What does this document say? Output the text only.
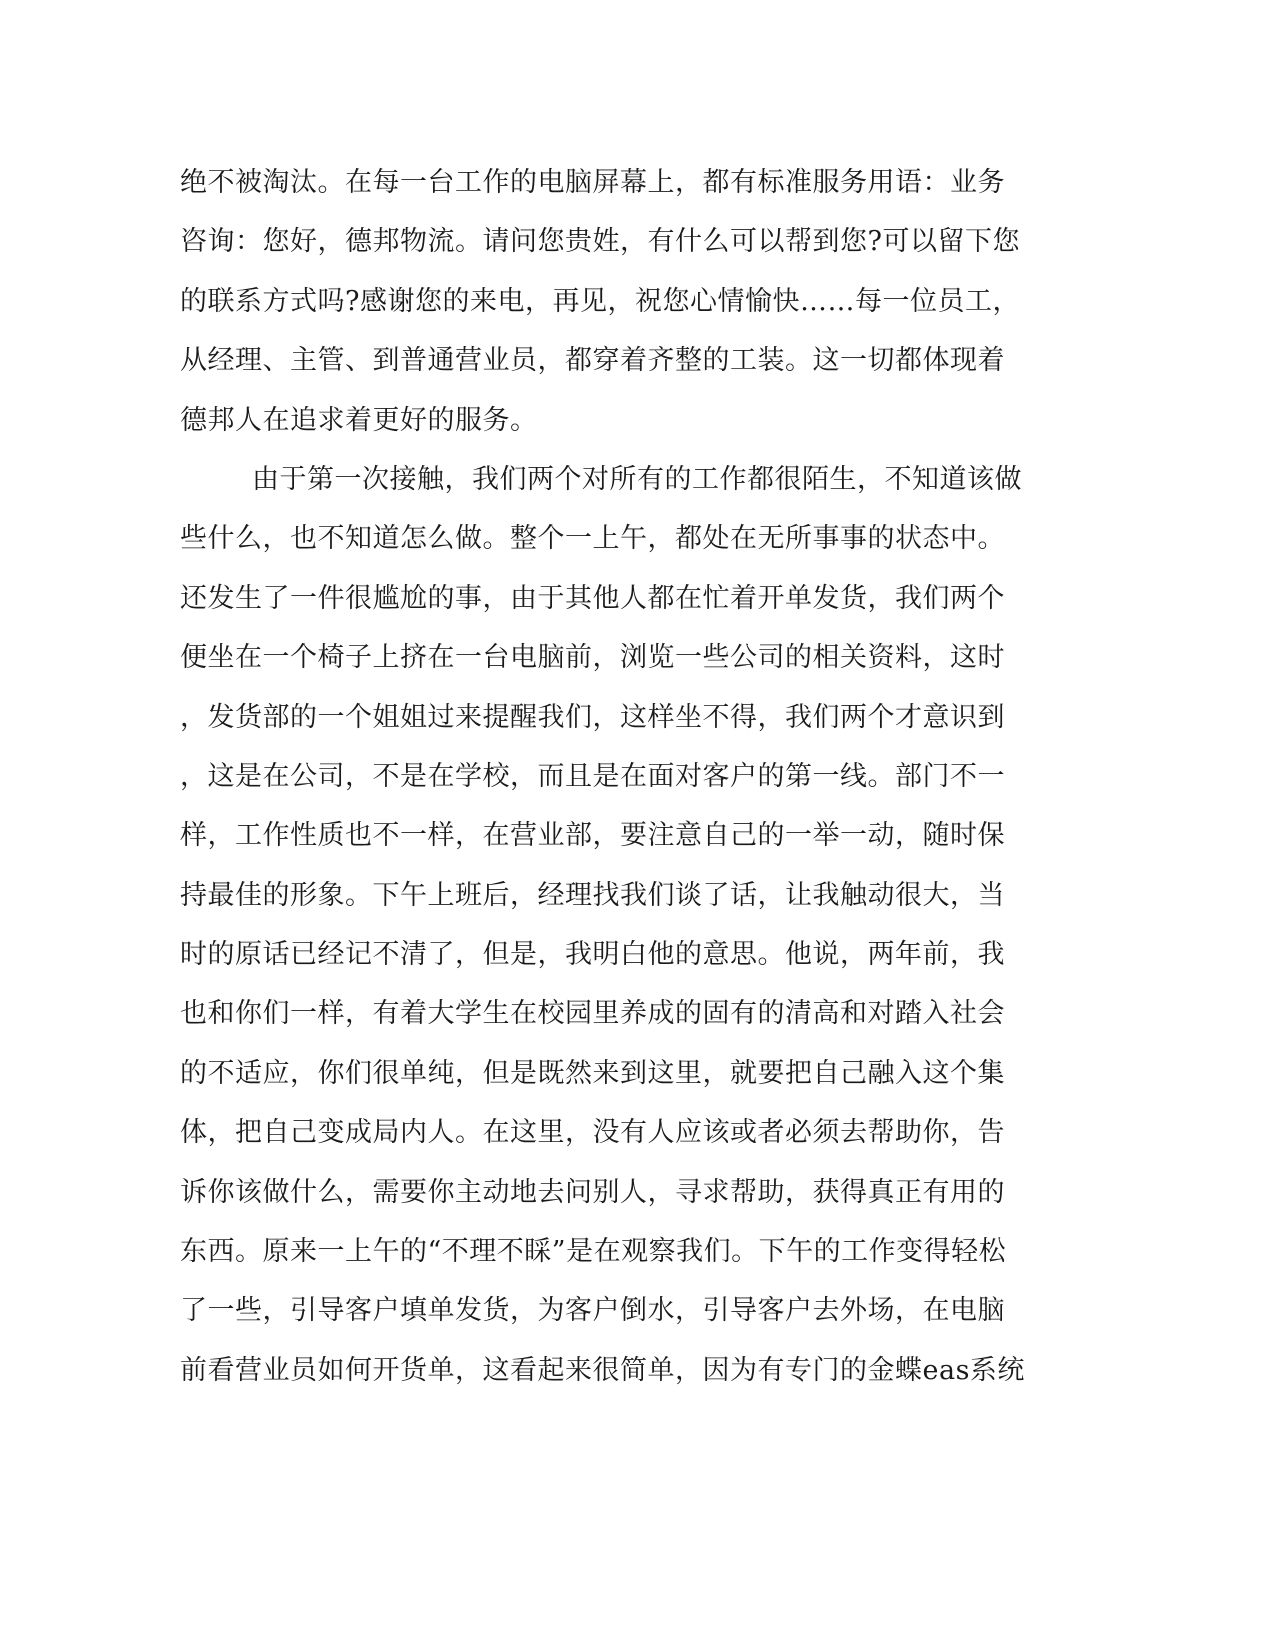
绝不被淘汰。在每一台工作的电脑屏幕上，都有标准服务用语：业务
咨询：您好，德邦物流。请问您贵姓，有什么可以帮到您?可以留下您
的联系方式吗?感谢您的来电，再见，祝您心情愉快……每一位员工，
从经理、主管、到普通营业员，都穿着齐整的工装。这一切都体现着
德邦人在追求着更好的服务。
由于第一次接触，我们两个对所有的工作都很陌生，不知道该做
些什么，也不知道怎么做。整个一上午，都处在无所事事的状态中。
还发生了一件很尴尬的事，由于其他人都在忙着开单发货，我们两个
便坐在一个椅子上挤在一台电脑前，浏览一些公司的相关资料，这时
，发货部的一个姐姐过来提醒我们，这样坐不得，我们两个才意识到
，这是在公司，不是在学校，而且是在面对客户的第一线。部门不一
样，工作性质也不一样，在营业部，要注意自己的一举一动，随时保
持最佳的形象。下午上班后，经理找我们谈了话，让我触动很大，当
时的原话已经记不清了，但是，我明白他的意思。他说，两年前，我
也和你们一样，有着大学生在校园里养成的固有的清高和对踏入社会
的不适应，你们很单纯，但是既然来到这里，就要把自己融入这个集
体，把自己变成局内人。在这里，没有人应该或者必须去帮助你，告
诉你该做什么，需要你主动地去问别人，寻求帮助，获得真正有用的
东西。原来一上午的“不理不睬”是在观察我们。下午的工作变得轻松
了一些，引导客户填单发货，为客户倒水，引导客户去外场，在电脑
前看营业员如何开货单，这看起来很简单，因为有专门的金蝶eas系统
